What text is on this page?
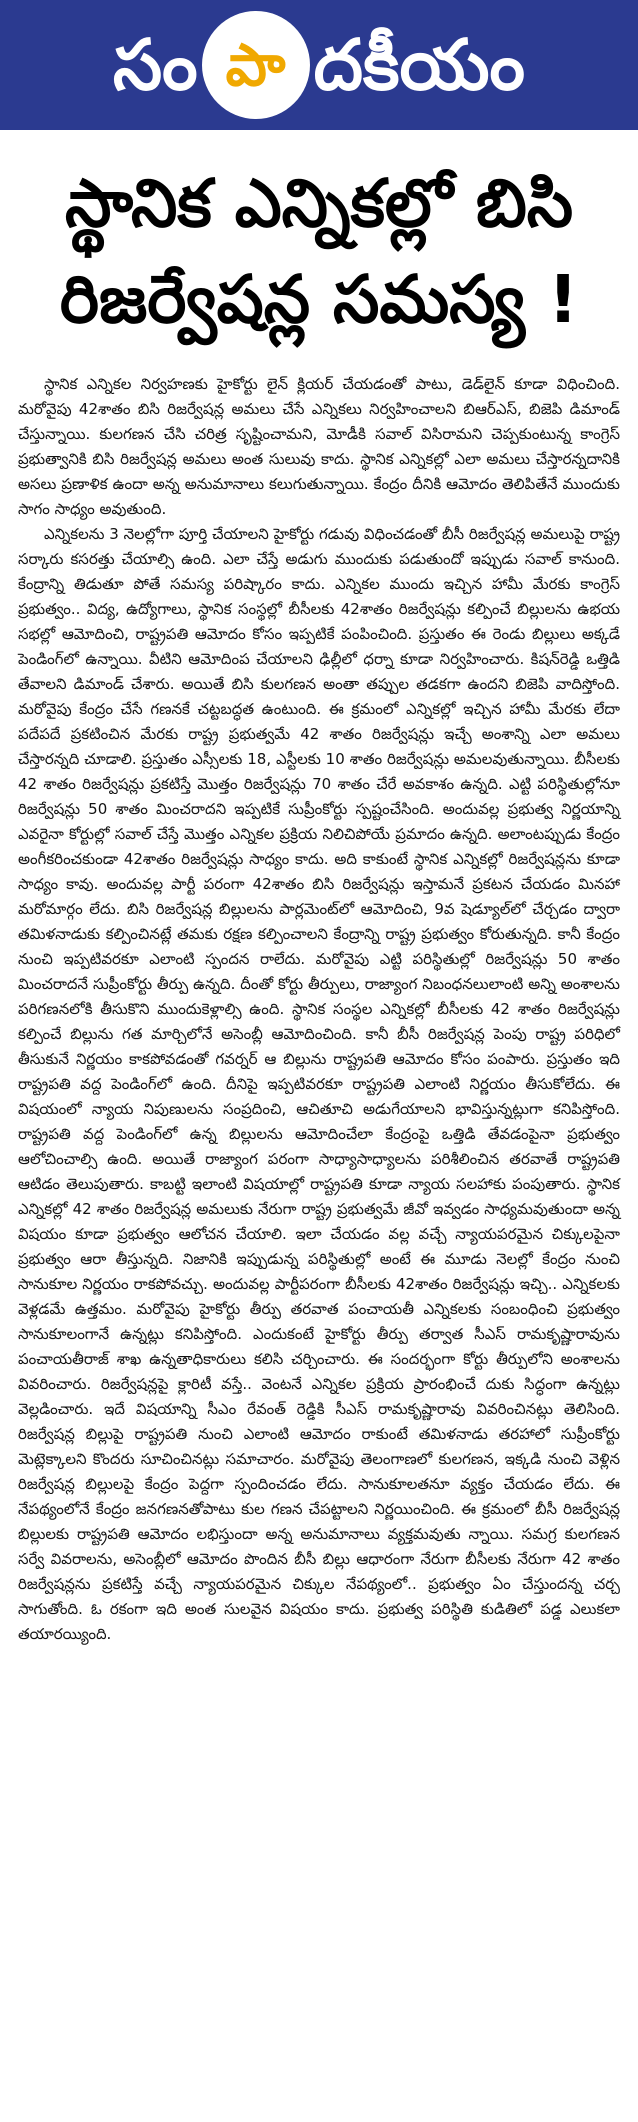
సం పా దకీయం
స్థానిక ఎన్నికల్లో బిసి
రిజర్వేషన్ల సమస్య !

స్థానిక ఎన్నికల నిర్వహణకు హైకోర్టు లైన్ క్లియర్ చేయడంతో పాటు, డెడ్‌లైన్ కూడా విధించింది. మరోవైపు 42శాతం బిసి రిజర్వేషన్ల అమలు చేసే ఎన్నికలు నిర్వహించాలని బిఆర్ఎస్, బిజెపి డిమాండ్ చేస్తున్నాయి. కులగణన చేసి చరిత్ర సృష్టించామని, మోడీకి సవాల్ విసిరామని చెప్పకుంటున్న కాంగ్రెస్ ప్రభుత్వానికి బిసి రిజర్వేషన్ల అమలు అంత సులువు కాదు. స్థానిక ఎన్నికల్లో ఎలా అమలు చేస్తారన్నదానికి అసలు ప్రణాళిక ఉందా అన్న అనుమానాలు కలుగుతున్నాయి. కేంద్రం దీనికి ఆమోదం తెలిపితేనే ముందుకు సాగం సాధ్యం అవుతుంది.

ఎన్నికలను 3 నెలల్లోగా పూర్తి చేయాలని హైకోర్టు గడువు విధించడంతో బీసీ రిజర్వేషన్ల అమలుపై రాష్ట్ర సర్కారు కసరత్తు చేయాల్సి ఉంది. ఎలా చేస్తే అడుగు ముందుకు పడుతుందో ఇప్పుడు సవాల్ కానుంది. కేంద్రాన్ని తిడుతూ పోతే సమస్య పరిష్కారం కాదు. ఎన్నికల ముందు ఇచ్చిన హామీ మేరకు కాంగ్రెస్ ప్రభుత్వం.. విద్య, ఉద్యోగాలు, స్థానిక సంస్థల్లో బీసీలకు 42శాతం రిజర్వేషన్లు కల్పించే బిల్లులను ఉభయ సభల్లో ఆమోదించి, రాష్ట్రపతి ఆమోదం కోసం ఇప్పటికే పంపించింది. ప్రస్తుతం ఈ రెండు బిల్లులు అక్కడే పెండింగ్‌లో ఉన్నాయి. వీటిని ఆమోదింప చేయాలని ఢిల్లీలో ధర్నా కూడా నిర్వహించారు. కిషన్‌రెడ్డి ఒత్తిడి తేవాలని డిమాండ్ చేశారు. అయితే బిసి కులగణన అంతా తప్పుల తడకగా ఉందని బిజెపి వాదిస్తోంది. మరోవైపు కేంద్రం చేసే గణనకే చట్టబద్ధత ఉంటుంది. ఈ క్రమంలో ఎన్నికల్లో ఇచ్చిన హామీ మేరకు లేదా పదేపదే ప్రకటించిన మేరకు రాష్ట్ర ప్రభుత్వమే 42 శాతం రిజర్వేషన్లు ఇచ్చే అంశాన్ని ఎలా అమలు చేస్తారన్నది చూడాలి. ప్రస్తుతం ఎస్సీలకు 18, ఎస్టీలకు 10 శాతం రిజర్వేషన్లు అమలవుతున్నాయి. బీసీలకు 42 శాతం రిజర్వేషన్లు ప్రకటిస్తే మొత్తం రిజర్వేషన్లు 70 శాతం చేరే అవకాశం ఉన్నది. ఎట్టి పరిస్థితుల్లోనూ రిజర్వేషన్లు 50 శాతం మించరాదని ఇప్పటికే సుప్రీంకోర్టు స్పష్టంచేసింది. అందువల్ల ప్రభుత్వ నిర్ణయాన్ని ఎవరైనా కోర్టుల్లో సవాల్ చేస్తే మొత్తం ఎన్నికల ప్రక్రియ నిలిచిపోయే ప్రమాదం ఉన్నది. అలాంటప్పుడు కేంద్రం అంగీకరించకుండా 42శాతం రిజర్వేషన్లు సాధ్యం కాదు. అది కాకుంటే స్థానిక ఎన్నికల్లో రిజర్వేషన్లను కూడా సాధ్యం కావు. అందువల్ల పార్టీ పరంగా 42శాతం బిసి రిజర్వేషన్లు ఇస్తామనే ప్రకటన చేయడం మినహా మరోమార్గం లేదు. బిసి రిజర్వేషన్ల బిల్లులను పార్లమెంట్‌లో ఆమోదించి, 9వ షెడ్యూల్‌లో చేర్చడం ద్వారా తమిళనాడుకు కల్పించినట్లే తమకు రక్షణ కల్పించాలని కేంద్రాన్ని రాష్ట్ర ప్రభుత్వం కోరుతున్నది. కానీ కేంద్రం నుంచి ఇప్పటివరకూ ఎలాంటి స్పందన రాలేదు. మరోవైపు ఎట్టి పరిస్థితుల్లో రిజర్వేషన్లు 50 శాతం మించరాదనే సుప్రీంకోర్టు తీర్పు ఉన్నది. దీంతో కోర్టు తీర్పులు, రాజ్యాంగ నిబంధనలులాంటి అన్ని అంశాలను పరిగణనలోకి తీసుకొని ముందుకెళ్లాల్సి ఉంది. స్థానిక సంస్థల ఎన్నికల్లో బీసీలకు 42 శాతం రిజర్వేషన్లు కల్పించే బిల్లును గత మార్చిలోనే అసెంబ్లీ ఆమోదించింది. కానీ బీసీ రిజర్వేషన్ల పెంపు రాష్ట్ర పరిధిలో తీసుకునే నిర్ణయం కాకపోవడంతో గవర్నర్ ఆ బిల్లును రాష్ట్రపతి ఆమోదం కోసం పంపారు. ప్రస్తుతం ఇది రాష్ట్రపతి వద్ద పెండింగ్‌లో ఉంది. దీనిపై ఇప్పటివరకూ రాష్ట్రపతి ఎలాంటి నిర్ణయం తీసుకోలేదు. ఈ విషయంలో న్యాయ నిపుణులను సంప్రదించి, ఆచితూచి అడుగేయాలని భావిస్తున్నట్లుగా కనిపిస్తోంది. రాష్ట్రపతి వద్ద పెండింగ్‌లో ఉన్న బిల్లులను ఆమోదించేలా కేంద్రంపై ఒత్తిడి తేవడంపైనా ప్రభుత్వం ఆలోచించాల్సి ఉంది. అయితే రాజ్యాంగ పరంగా సాధ్యాసాధ్యాలను పరిశీలించిన తరవాతే రాష్ట్రపతి ఆటిడం తెలుపుతారు. కాబట్టి ఇలాంటి విషయాల్లో రాష్ట్రపతి కూడా న్యాయ సలహాకు పంపుతారు. స్థానిక ఎన్నికల్లో 42 శాతం రిజర్వేషన్ల అమలుకు నేరుగా రాష్ట్ర ప్రభుత్వమే జీవో ఇవ్వడం సాధ్యమవుతుందా అన్న విషయం కూడా ప్రభుత్వం ఆలోచన చేయాలి. ఇలా చేయడం వల్ల వచ్చే న్యాయపరమైన చిక్కులపైనా ప్రభుత్వం ఆరా తీస్తున్నది. నిజానికి ఇప్పుడున్న పరిస్థితుల్లో అంటే ఈ మూడు నెలల్లో కేంద్రం నుంచి సానుకూల నిర్ణయం రాకపోవచ్చు. అందువల్ల పార్టీపరంగా బీసీలకు 42శాతం రిజర్వేషన్లు ఇచ్చి.. ఎన్నికలకు వెళ్లడమే ఉత్తమం. మరోవైపు హైకోర్టు తీర్పు తరవాత పంచాయతీ ఎన్నికలకు సంబంధించి ప్రభుత్వం సానుకూలంగానే ఉన్నట్లు కనిపిస్తోంది. ఎందుకంటే హైకోర్టు తీర్పు తర్వాత సీఎస్ రామకృష్ణారావును పంచాయతీరాజ్ శాఖ ఉన్నతాధికారులు కలిసి చర్చించారు. ఈ సందర్భంగా కోర్టు తీర్పులోని అంశాలను వివరించారు. రిజర్వేషన్లపై క్లారిటీ వస్తే.. వెంటనే ఎన్నికల ప్రక్రియ ప్రారంభించే దుకు సిద్ధంగా ఉన్నట్లు వెల్లడించారు. ఇదే విషయాన్ని సీఎం రేవంత్ రెడ్డికి సీఎస్ రామకృష్ణారావు వివరించినట్లు తెలిసింది. రిజర్వేషన్ల బిల్లుపై రాష్ట్రపతి నుంచి ఎలాంటి ఆమోదం రాకుంటే తమిళనాడు తరహాలో సుప్రీంకోర్టు మెట్లెక్కాలని కొందరు సూచించినట్లు సమాచారం. మరోవైపు తెలంగాణలో కులగణన, ఇక్కడి నుంచి వెళ్లిన రిజర్వేషన్ల బిల్లులపై కేంద్రం పెద్దగా స్పందించడం లేదు. సానుకూలతనూ వ్యక్తం చేయడం లేదు. ఈ నేపథ్యంలోనే కేంద్రం జనగణనతోపాటు కుల గణన చేపట్టాలని నిర్ణయించింది. ఈ క్రమంలో బీసీ రిజర్వేషన్ల బిల్లులకు రాష్ట్రపతి ఆమోదం లభిస్తుందా అన్న అనుమానాలు వ్యక్తమవుతు న్నాయి. సమగ్ర కులగణన సర్వే వివరాలను, అసెంబ్లీలో ఆమోదం పొందిన బీసీ బిల్లు ఆధారంగా నేరుగా బీసీలకు నేరుగా 42 శాతం రిజర్వేషన్లను ప్రకటిస్తే వచ్చే న్యాయపరమైన చిక్కుల నేపథ్యంలో.. ప్రభుత్వం ఏం చేస్తుందన్న చర్చ సాగుతోంది. ఓ రకంగా ఇది అంత సులవైన విషయం కాదు. ప్రభుత్వ పరిస్థితి కుడితిలో పడ్డ ఎలుకలా తయారయ్యింది.
